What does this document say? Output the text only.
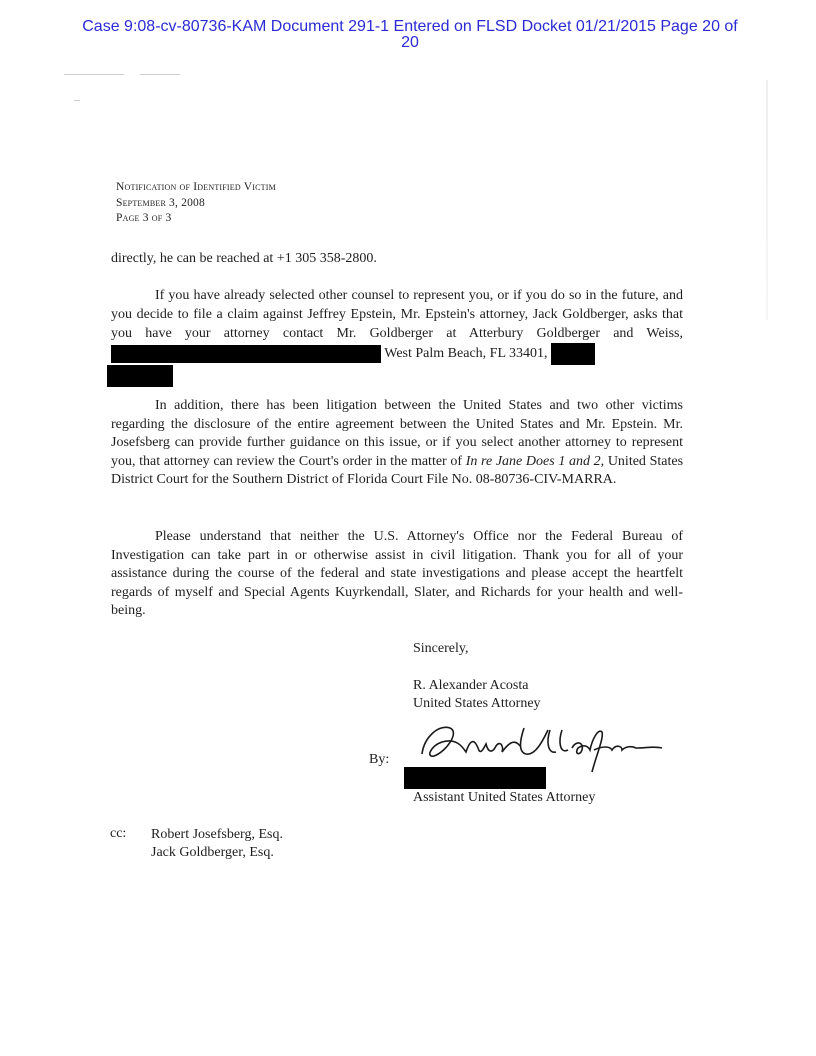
Case 9:08-cv-80736-KAM Document 291-1 Entered on FLSD Docket 01/21/2015 Page 20 of
20
Notification of Identified Victim
September 3, 2008
Page 3 of 3
directly, he can be reached at +1 305 358-2800.
If you have already selected other counsel to represent you, or if you do so in the future, and you decide to file a claim against Jeffrey Epstein, Mr. Epstein's attorney, Jack Goldberger, asks that you have your attorney contact Mr. Goldberger at Atterbury Goldberger and Weiss,  West Palm Beach, FL 33401,

In addition, there has been litigation between the United States and two other victims regarding the disclosure of the entire agreement between the United States and Mr. Epstein. Mr. Josefsberg can provide further guidance on this issue, or if you select another attorney to represent you, that attorney can review the Court's order in the matter of In re Jane Does 1 and 2, United States District Court for the Southern District of Florida Court File No. 08-80736-CIV-MARRA.
Please understand that neither the U.S. Attorney's Office nor the Federal Bureau of Investigation can take part in or otherwise assist in civil litigation. Thank you for all of your assistance during the course of the federal and state investigations and please accept the heartfelt regards of myself and Special Agents Kuyrkendall, Slater, and Richards for your health and well-being.
Sincerely,
R. Alexander Acosta
United States Attorney
By:
Assistant United States Attorney
cc: Robert Josefsberg, Esq.
Jack Goldberger, Esq.
